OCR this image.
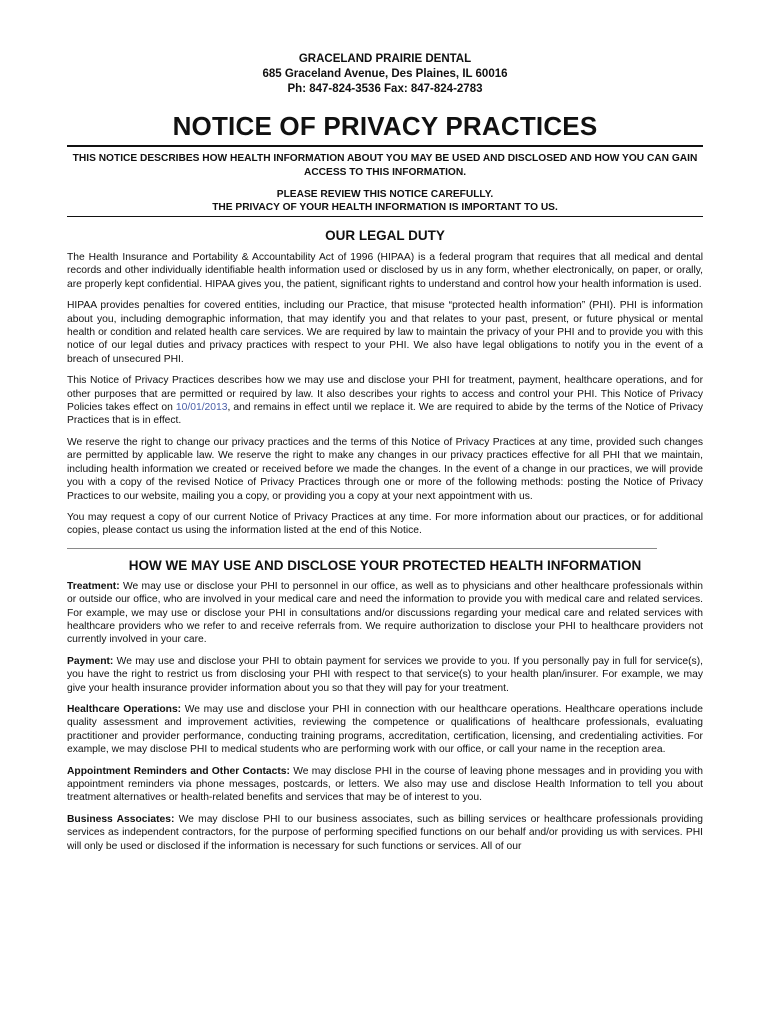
GRACELAND PRAIRIE DENTAL
685 Graceland Avenue, Des Plaines, IL 60016
Ph: 847-824-3536 Fax: 847-824-2783
NOTICE OF PRIVACY PRACTICES
THIS NOTICE DESCRIBES HOW HEALTH INFORMATION ABOUT YOU MAY BE USED AND DISCLOSED AND HOW YOU CAN GAIN ACCESS TO THIS INFORMATION.
PLEASE REVIEW THIS NOTICE CAREFULLY.
THE PRIVACY OF YOUR HEALTH INFORMATION IS IMPORTANT TO US.
OUR LEGAL DUTY

The Health Insurance and Portability & Accountability Act of 1996 (HIPAA) is a federal program that requires that all medical and dental records and other individually identifiable health information used or disclosed by us in any form, whether electronically, on paper, or orally, are properly kept confidential. HIPAA gives you, the patient, significant rights to understand and control how your health information is used.

HIPAA provides penalties for covered entities, including our Practice, that misuse “protected health information” (PHI). PHI is information about you, including demographic information, that may identify you and that relates to your past, present, or future physical or mental health or condition and related health care services. We are required by law to maintain the privacy of your PHI and to provide you with this notice of our legal duties and privacy practices with respect to your PHI. We also have legal obligations to notify you in the event of a breach of unsecured PHI.

This Notice of Privacy Practices describes how we may use and disclose your PHI for treatment, payment, healthcare operations, and for other purposes that are permitted or required by law. It also describes your rights to access and control your PHI. This Notice of Privacy Policies takes effect on 10/01/2013, and remains in effect until we replace it. We are required to abide by the terms of the Notice of Privacy Practices that is in effect.

We reserve the right to change our privacy practices and the terms of this Notice of Privacy Practices at any time, provided such changes are permitted by applicable law. We reserve the right to make any changes in our privacy practices effective for all PHI that we maintain, including health information we created or received before we made the changes. In the event of a change in our practices, we will provide you with a copy of the revised Notice of Privacy Practices through one or more of the following methods: posting the Notice of Privacy Practices to our website, mailing you a copy, or providing you a copy at your next appointment with us.

You may request a copy of our current Notice of Privacy Practices at any time. For more information about our practices, or for additional copies, please contact us using the information listed at the end of this Notice.

HOW WE MAY USE AND DISCLOSE YOUR PROTECTED HEALTH INFORMATION

Treatment: We may use or disclose your PHI to personnel in our office, as well as to physicians and other healthcare professionals within or outside our office, who are involved in your medical care and need the information to provide you with medical care and related services. For example, we may use or disclose your PHI in consultations and/or discussions regarding your medical care and related services with healthcare providers who we refer to and receive referrals from. We require authorization to disclose your PHI to healthcare providers not currently involved in your care.

Payment: We may use and disclose your PHI to obtain payment for services we provide to you. If you personally pay in full for service(s), you have the right to restrict us from disclosing your PHI with respect to that service(s) to your health plan/insurer. For example, we may give your health insurance provider information about you so that they will pay for your treatment.

Healthcare Operations: We may use and disclose your PHI in connection with our healthcare operations. Healthcare operations include quality assessment and improvement activities, reviewing the competence or qualifications of healthcare professionals, evaluating practitioner and provider performance, conducting training programs, accreditation, certification, licensing, and credentialing activities. For example, we may disclose PHI to medical students who are performing work with our office, or call your name in the reception area.

Appointment Reminders and Other Contacts: We may disclose PHI in the course of leaving phone messages and in providing you with appointment reminders via phone messages, postcards, or letters. We also may use and disclose Health Information to tell you about treatment alternatives or health-related benefits and services that may be of interest to you.

Business Associates: We may disclose PHI to our business associates, such as billing services or healthcare professionals providing services as independent contractors, for the purpose of performing specified functions on our behalf and/or providing us with services. PHI will only be used or disclosed if the information is necessary for such functions or services. All of our
